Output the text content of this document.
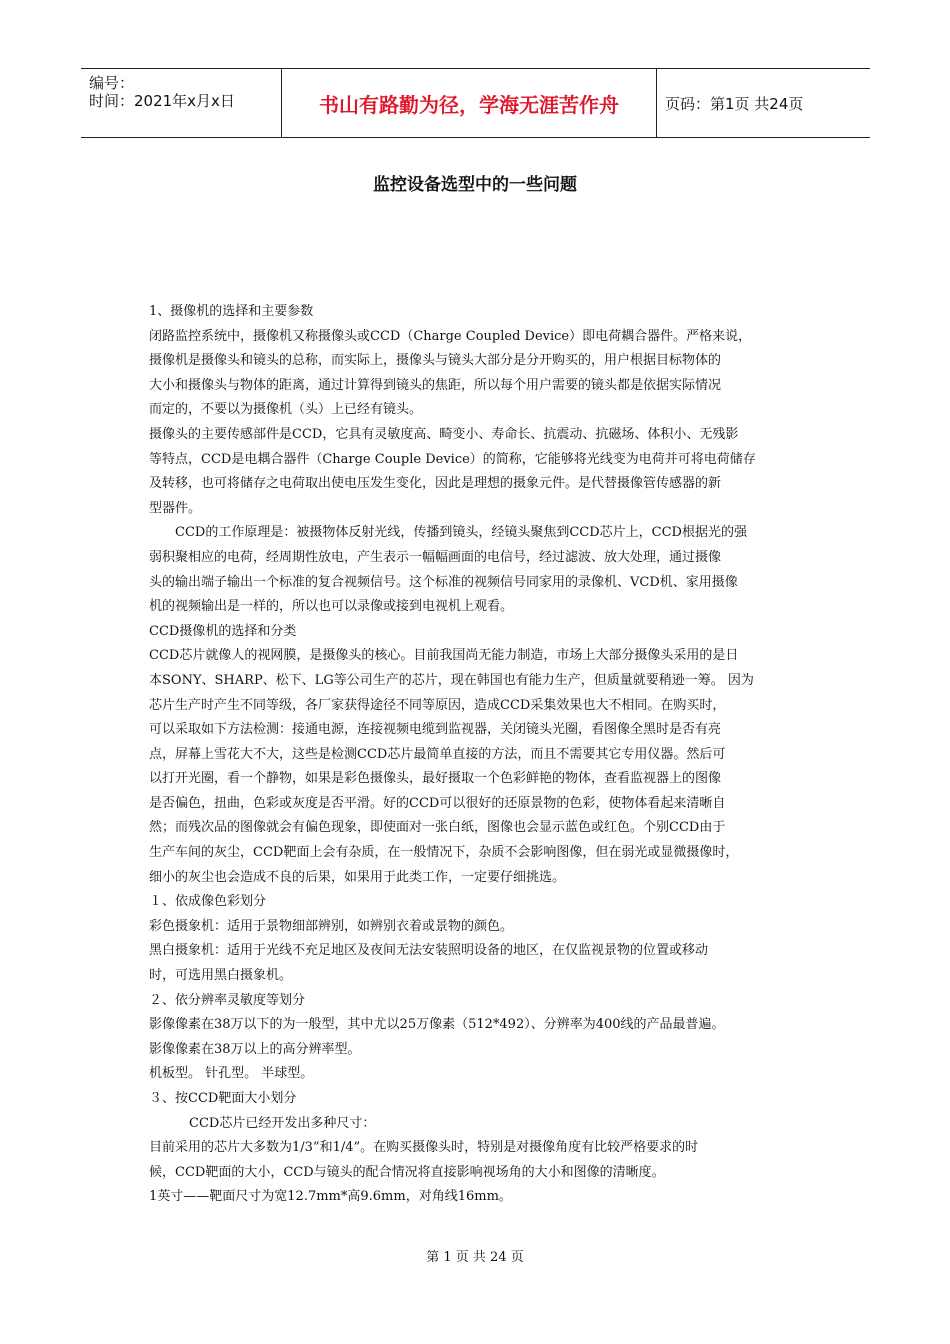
编号：
时间：2021年x月x日	书山有路勤为径，学海无涯苦作舟	页码：第1页 共24页
监控设备选型中的一些问题

1、摄像机的选择和主要参数

闭路监控系统中，摄像机又称摄像头或CCD（Charge Coupled Device）即电荷耦合器件。严格来说，

摄像机是摄像头和镜头的总称，而实际上，摄像头与镜头大部分是分开购买的，用户根据目标物体的

大小和摄像头与物体的距离，通过计算得到镜头的焦距，所以每个用户需要的镜头都是依据实际情况

而定的，不要以为摄像机（头）上已经有镜头。

摄像头的主要传感部件是CCD，它具有灵敏度高、畸变小、寿命长、抗震动、抗磁场、体积小、无残影

等特点，CCD是电耦合器件（Charge Couple Device）的简称，它能够将光线变为电荷并可将电荷储存

及转移，也可将储存之电荷取出使电压发生变化，因此是理想的摄象元件。是代替摄像管传感器的新

型器件。

CCD的工作原理是：被摄物体反射光线，传播到镜头，经镜头聚焦到CCD芯片上，CCD根据光的强

弱积聚相应的电荷，经周期性放电，产生表示一幅幅画面的电信号，经过滤波、放大处理，通过摄像

头的输出端子输出一个标准的复合视频信号。这个标准的视频信号同家用的录像机、VCD机、家用摄像

机的视频输出是一样的，所以也可以录像或接到电视机上观看。

CCD摄像机的选择和分类

CCD芯片就像人的视网膜，是摄像头的核心。目前我国尚无能力制造，市场上大部分摄像头采用的是日

本SONY、SHARP、松下、LG等公司生产的芯片，现在韩国也有能力生产，但质量就要稍逊一筹。 因为

芯片生产时产生不同等级，各厂家获得途径不同等原因，造成CCD采集效果也大不相同。在购买时，

可以采取如下方法检测：接通电源，连接视频电缆到监视器，关闭镜头光圈，看图像全黑时是否有亮

点，屏幕上雪花大不大，这些是检测CCD芯片最简单直接的方法，而且不需要其它专用仪器。然后可

以打开光圈，看一个静物，如果是彩色摄像头，最好摄取一个色彩鲜艳的物体，查看监视器上的图像

是否偏色，扭曲，色彩或灰度是否平滑。好的CCD可以很好的还原景物的色彩，使物体看起来清晰自

然；而残次品的图像就会有偏色现象，即使面对一张白纸，图像也会显示蓝色或红色。个别CCD由于

生产车间的灰尘，CCD靶面上会有杂质，在一般情况下，杂质不会影响图像，但在弱光或显微摄像时，

细小的灰尘也会造成不良的后果，如果用于此类工作，一定要仔细挑选。

１、依成像色彩划分

彩色摄象机：适用于景物细部辨别，如辨别衣着或景物的颜色。

黑白摄象机：适用于光线不充足地区及夜间无法安装照明设备的地区，在仅监视景物的位置或移动

时，可选用黑白摄象机。

２、依分辨率灵敏度等划分

影像像素在38万以下的为一般型，其中尤以25万像素（512*492）、分辨率为400线的产品最普遍。

影像像素在38万以上的高分辨率型。

机板型。 针孔型。 半球型。

３、按CCD靶面大小划分

CCD芯片已经开发出多种尺寸：

目前采用的芯片大多数为1/3”和1/4”。在购买摄像头时，特别是对摄像角度有比较严格要求的时

候，CCD靶面的大小，CCD与镜头的配合情况将直接影响视场角的大小和图像的清晰度。

1英寸——靶面尺寸为宽12.7mm*高9.6mm，对角线16mm。

第 1 页 共 24 页
